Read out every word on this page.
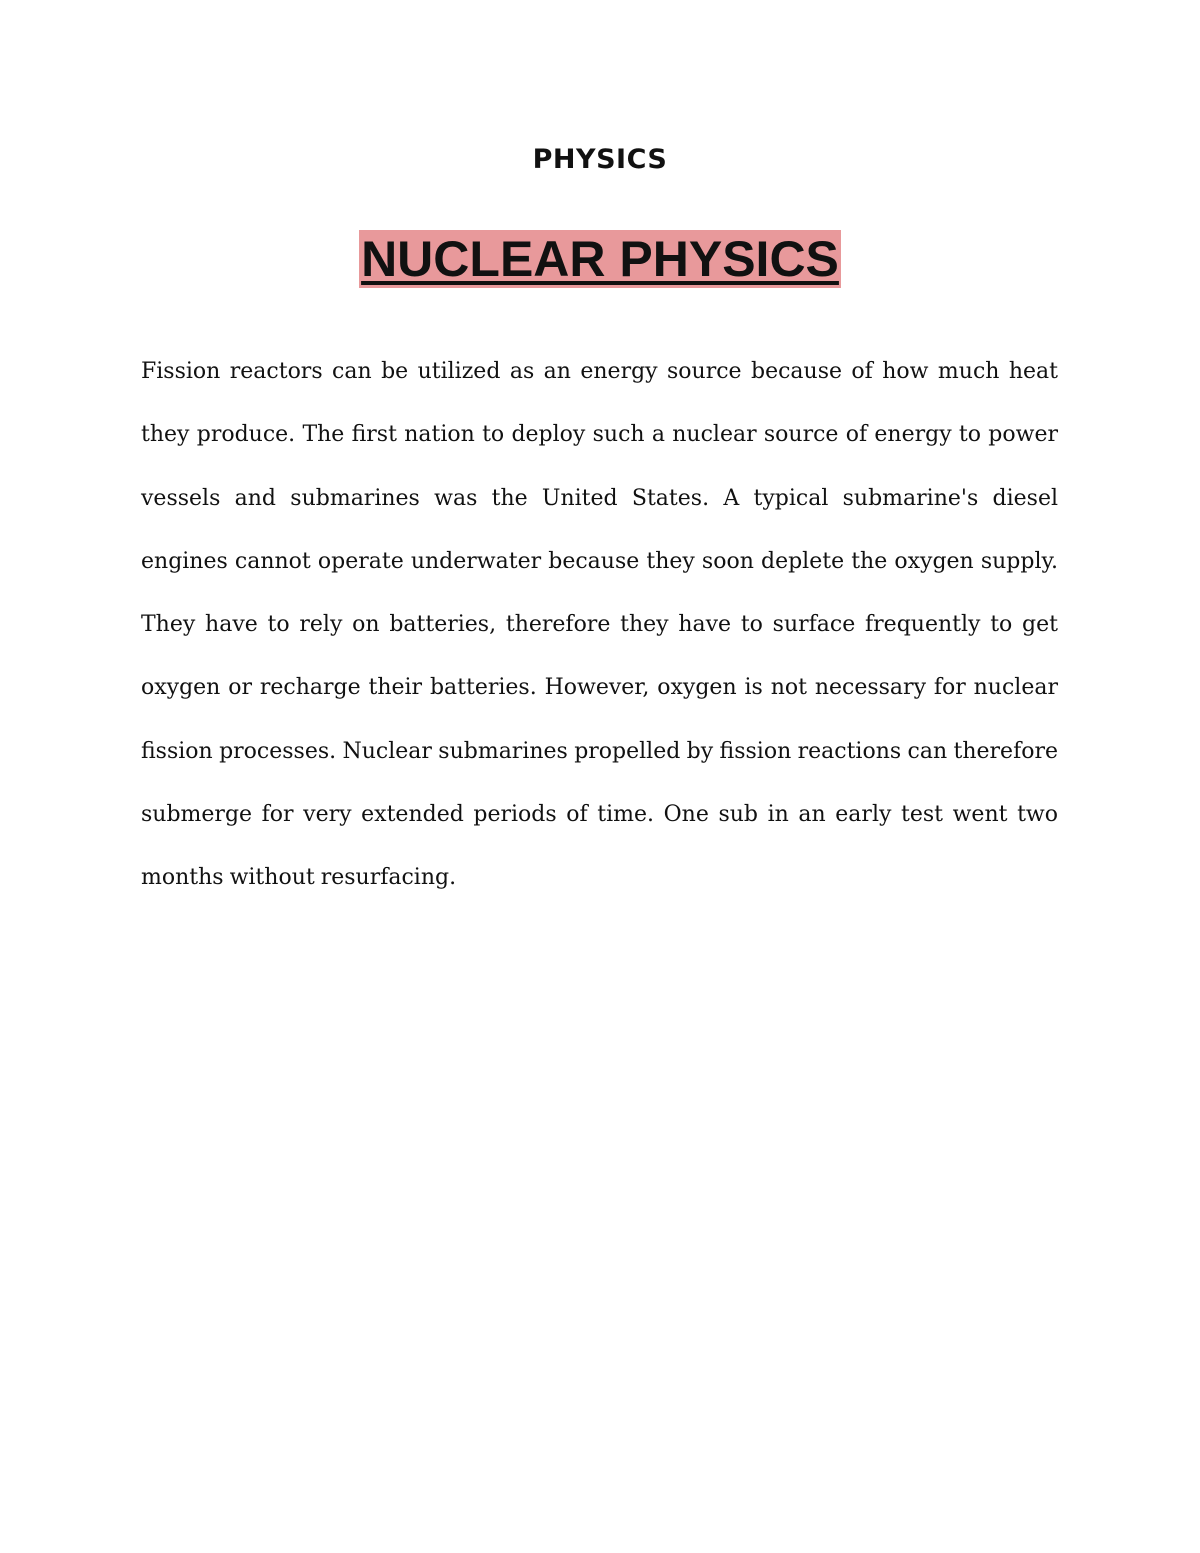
PHYSICS
NUCLEAR PHYSICS

Fission reactors can be utilized as an energy source because of how much heat they produce. The first nation to deploy such a nuclear source of energy to power vessels and submarines was the United States. A typical submarine's diesel engines cannot operate underwater because they soon deplete the oxygen supply. They have to rely on batteries, therefore they have to surface frequently to get oxygen or recharge their batteries. However, oxygen is not necessary for nuclear fission processes. Nuclear submarines propelled by fission reactions can therefore submerge for very extended periods of time. One sub in an early test went two months without resurfacing.
